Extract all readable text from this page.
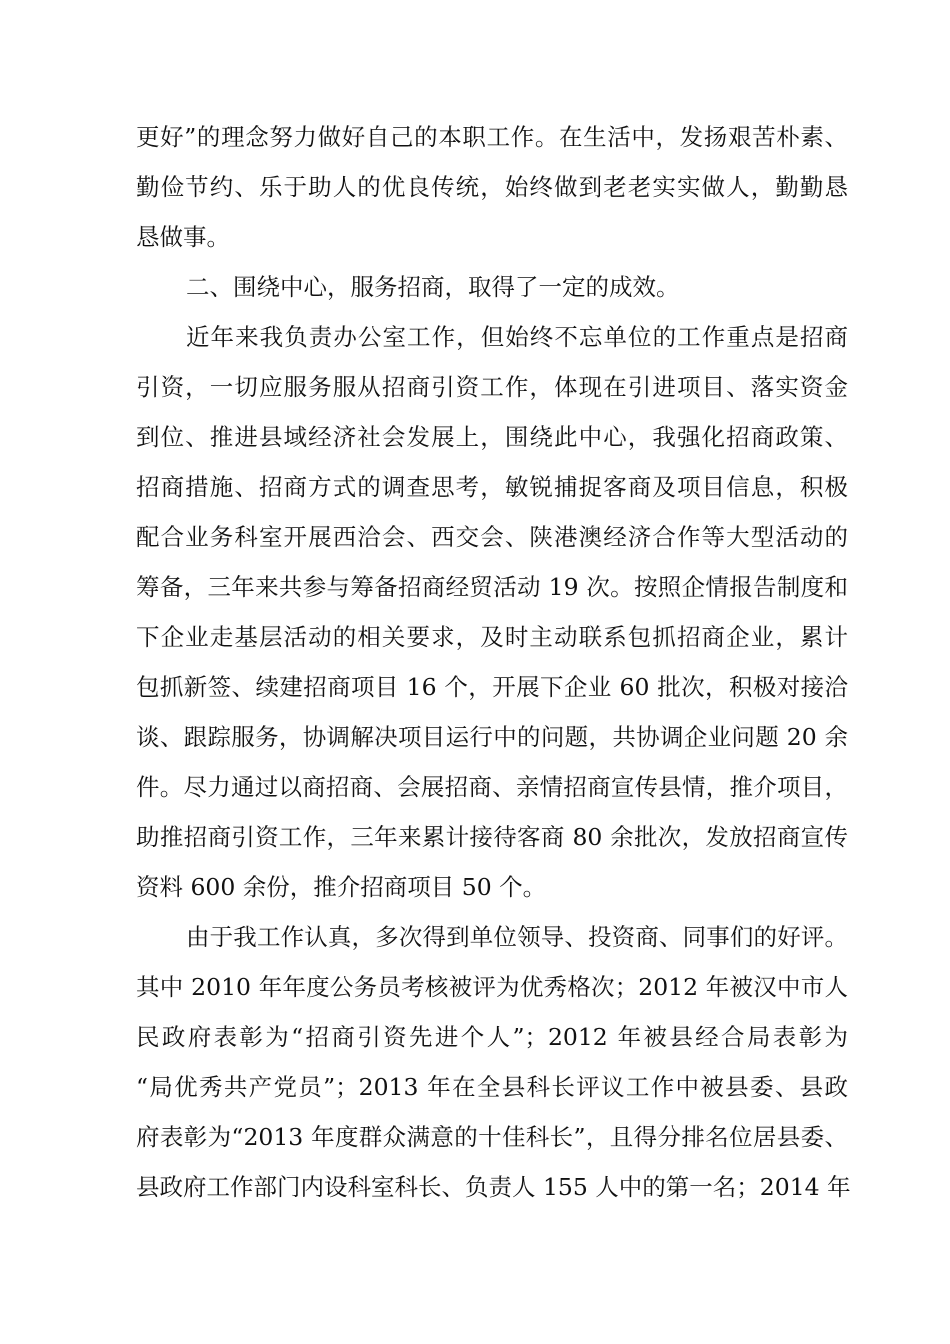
更好”的理念努力做好自己的本职工作。在生活中，发扬艰苦朴素、
勤俭节约、乐于助人的优良传统，始终做到老老实实做人，勤勤恳
恳做事。
二、围绕中心，服务招商，取得了一定的成效。
近年来我负责办公室工作，但始终不忘单位的工作重点是招商
引资，一切应服务服从招商引资工作，体现在引进项目、落实资金
到位、推进县域经济社会发展上，围绕此中心，我强化招商政策、
招商措施、招商方式的调查思考，敏锐捕捉客商及项目信息，积极
配合业务科室开展西洽会、西交会、陕港澳经济合作等大型活动的
筹备，三年来共参与筹备招商经贸活动 19 次。按照企情报告制度和
下企业走基层活动的相关要求，及时主动联系包抓招商企业，累计
包抓新签、续建招商项目 16 个，开展下企业 60 批次，积极对接洽
谈、跟踪服务，协调解决项目运行中的问题，共协调企业问题 20 余
件。尽力通过以商招商、会展招商、亲情招商宣传县情，推介项目，
助推招商引资工作，三年来累计接待客商 80 余批次，发放招商宣传
资料 600 余份，推介招商项目 50 个。
由于我工作认真，多次得到单位领导、投资商、同事们的好评。
其中 2010 年年度公务员考核被评为优秀格次；2012 年被汉中市人
民政府表彰为“招商引资先进个人”；2012 年被县经合局表彰为
“局优秀共产党员”；2013 年在全县科长评议工作中被县委、县政
府表彰为“2013 年度群众满意的十佳科长”，且得分排名位居县委、
县政府工作部门内设科室科长、负责人 155 人中的第一名；2014 年
